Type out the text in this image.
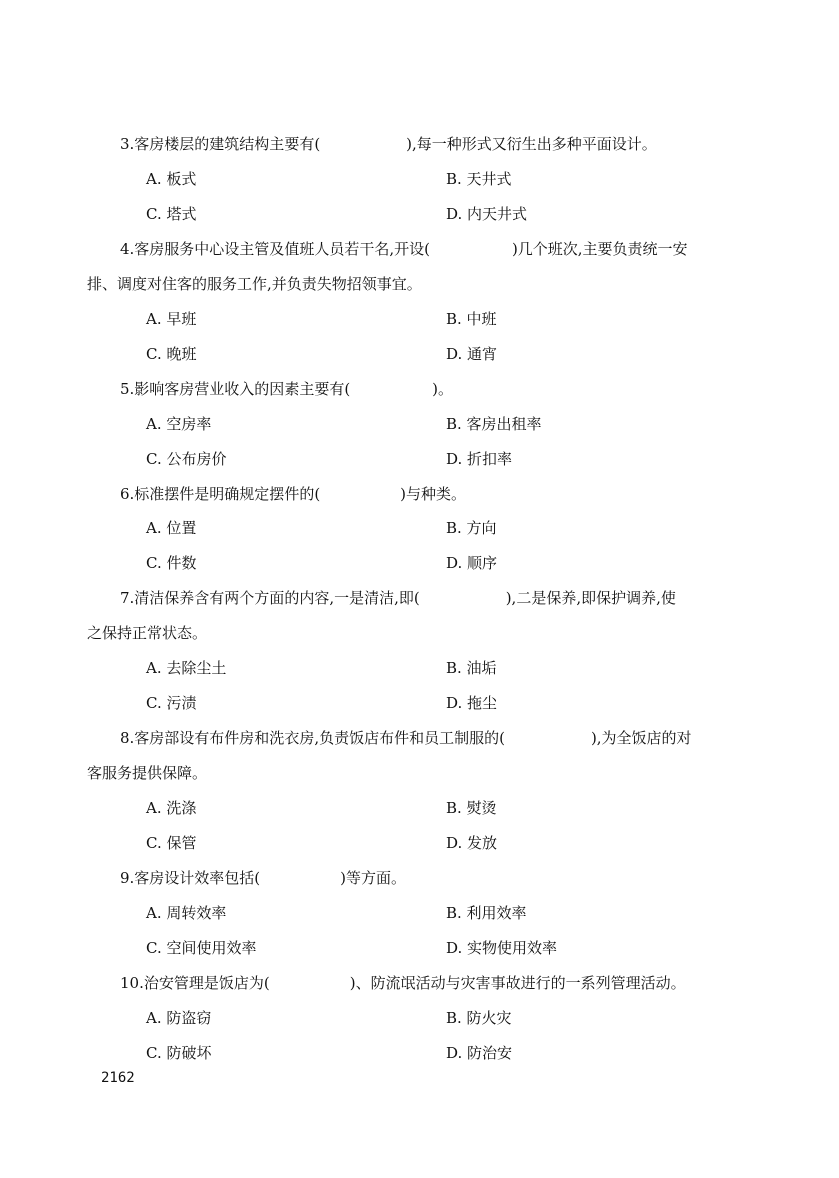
3.客房楼层的建筑结构主要有(	),每一种形式又衍生出多种平面设计。
A. 板式	B. 天井式
C. 塔式	D. 内天井式
4.客房服务中心设主管及值班人员若干名,开设(	)几个班次,主要负责统一安
排、调度对住客的服务工作,并负责失物招领事宜。
A. 早班	B. 中班
C. 晚班	D. 通宵
5.影响客房营业收入的因素主要有(	)。
A. 空房率	B. 客房出租率
C. 公布房价	D. 折扣率
6.标准摆件是明确规定摆件的(	)与种类。
A. 位置	B. 方向
C. 件数	D. 顺序
7.清洁保养含有两个方面的内容,一是清洁,即(	),二是保养,即保护调养,使
之保持正常状态。
A. 去除尘土	B. 油垢
C. 污渍	D. 拖尘
8.客房部设有布件房和洗衣房,负责饭店布件和员工制服的(	),为全饭店的对
客服务提供保障。
A. 洗涤	B. 熨烫
C. 保管	D. 发放
9.客房设计效率包括(	)等方面。
A. 周转效率	B. 利用效率
C. 空间使用效率	D. 实物使用效率
10.治安管理是饭店为(	)、防流氓活动与灾害事故进行的一系列管理活动。
A. 防盗窃	B. 防火灾
C. 防破坏	D. 防治安
2162
